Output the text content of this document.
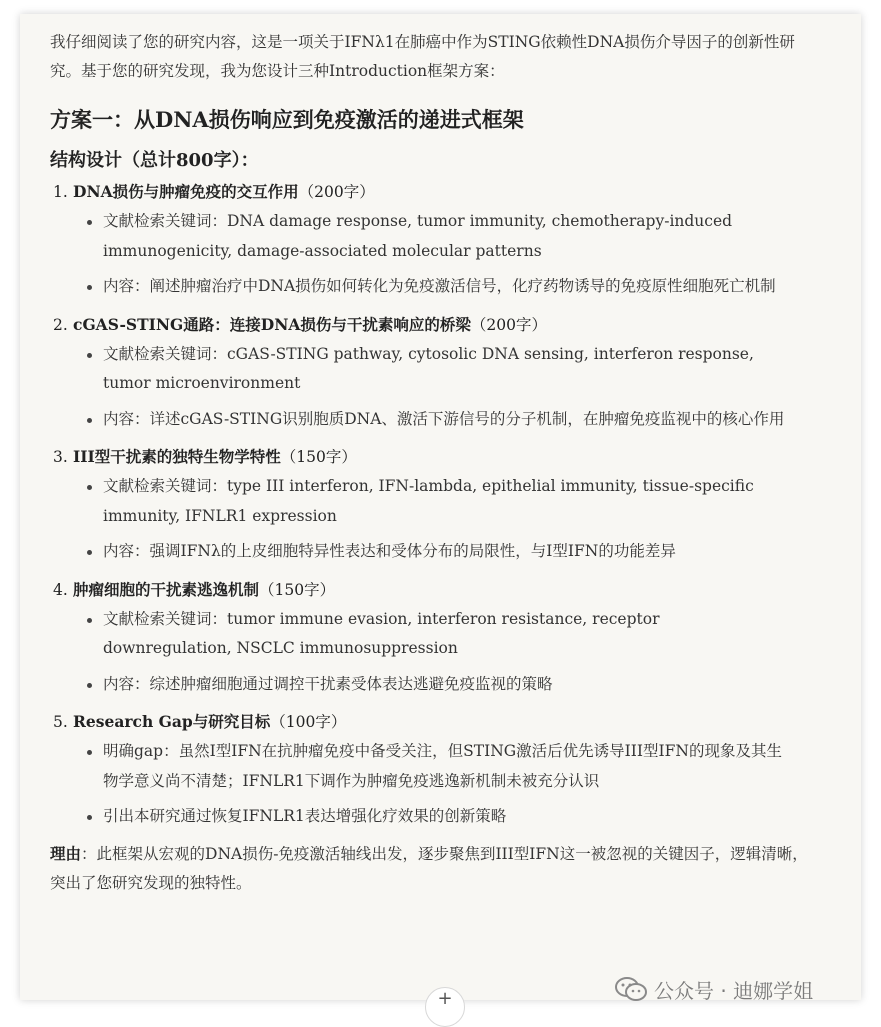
我仔细阅读了您的研究内容，这是一项关于IFNλ1在肺癌中作为STING依赖性DNA损伤介导因子的创新性研究。基于您的研究发现，我为您设计三种Introduction框架方案：

方案一：从DNA损伤响应到免疫激活的递进式框架
结构设计（总计800字）：
1. DNA损伤与肿瘤免疫的交互作用（200字）
文献检索关键词：DNA damage response, tumor immunity, chemotherapy-induced immunogenicity, damage-associated molecular patterns
内容：阐述肿瘤治疗中DNA损伤如何转化为免疫激活信号，化疗药物诱导的免疫原性细胞死亡机制
2. cGAS-STING通路：连接DNA损伤与干扰素响应的桥梁（200字）
文献检索关键词：cGAS-STING pathway, cytosolic DNA sensing, interferon response, tumor microenvironment
内容：详述cGAS-STING识别胞质DNA、激活下游信号的分子机制，在肿瘤免疫监视中的核心作用
3. III型干扰素的独特生物学特性（150字）
文献检索关键词：type III interferon, IFN-lambda, epithelial immunity, tissue-specific immunity, IFNLR1 expression
内容：强调IFNλ的上皮细胞特异性表达和受体分布的局限性，与I型IFN的功能差异
4. 肿瘤细胞的干扰素逃逸机制（150字）
文献检索关键词：tumor immune evasion, interferon resistance, receptor downregulation, NSCLC immunosuppression
内容：综述肿瘤细胞通过调控干扰素受体表达逃避免疫监视的策略
5. Research Gap与研究目标（100字）
明确gap：虽然I型IFN在抗肿瘤免疫中备受关注，但STING激活后优先诱导III型IFN的现象及其生物学意义尚不清楚；IFNLR1下调作为肿瘤免疫逃逸新机制未被充分认识
引出本研究通过恢复IFNLR1表达增强化疗效果的创新策略
理由：此框架从宏观的DNA损伤-免疫激活轴线出发，逐步聚焦到III型IFN这一被忽视的关键因子，逻辑清晰，突出了您研究发现的独特性。
公众号 · 迪娜学姐
+
